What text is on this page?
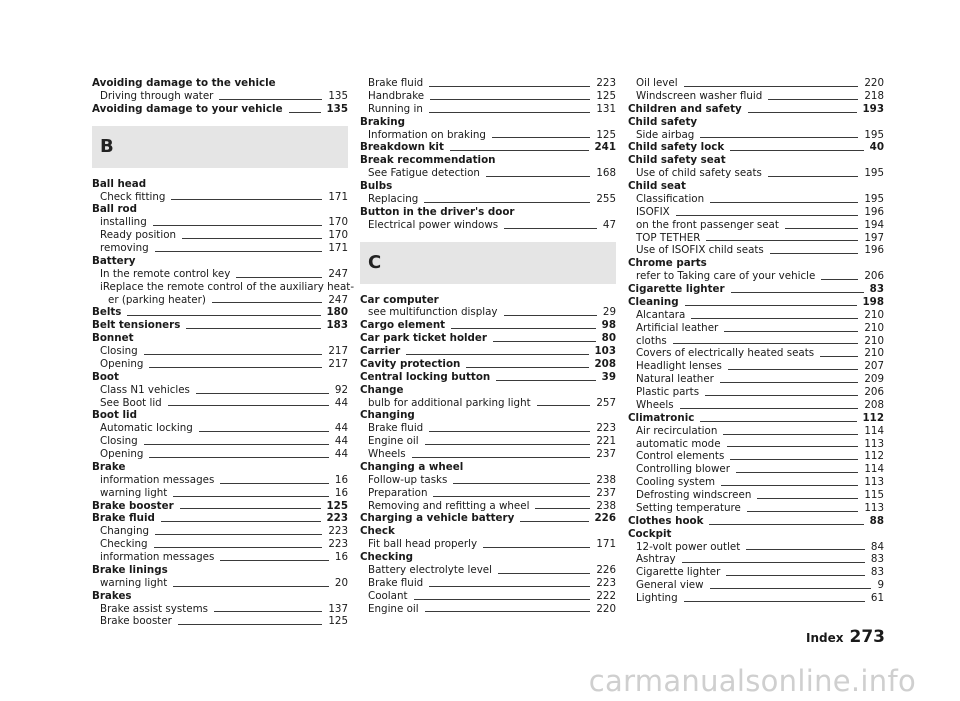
Avoiding damage to the vehicle
Driving through water	135
Avoiding damage to your vehicle	135
B
Ball head
Check fitting	171
Ball rod
installing	170
Ready position	170
removing	171
Battery
In the remote control key	247
iReplace the remote control of the auxiliary heat-
er (parking heater)	247
Belts	180
Belt tensioners	183
Bonnet
Closing	217
Opening	217
Boot
Class N1 vehicles	92
See Boot lid	44
Boot lid
Automatic locking	44
Closing	44
Opening	44
Brake
information messages	16
warning light	16
Brake booster	125
Brake fluid	223
Changing	223
Checking	223
information messages	16
Brake linings
warning light	20
Brakes
Brake assist systems	137
Brake booster	125
Brake fluid	223
Handbrake	125
Running in	131
Braking
Information on braking	125
Breakdown kit	241
Break recommendation
See Fatigue detection	168
Bulbs
Replacing	255
Button in the driver's door
Electrical power windows	47
C
Car computer
see multifunction display	29
Cargo element	98
Car park ticket holder	80
Carrier	103
Cavity protection	208
Central locking button	39
Change
bulb for additional parking light	257
Changing
Brake fluid	223
Engine oil	221
Wheels	237
Changing a wheel
Follow-up tasks	238
Preparation	237
Removing and refitting a wheel	238
Charging a vehicle battery	226
Check
Fit ball head properly	171
Checking
Battery electrolyte level	226
Brake fluid	223
Coolant	222
Engine oil	220
Oil level	220
Windscreen washer fluid	218
Children and safety	193
Child safety
Side airbag	195
Child safety lock	40
Child safety seat
Use of child safety seats	195
Child seat
Classification	195
ISOFIX	196
on the front passenger seat	194
TOP TETHER	197
Use of ISOFIX child seats	196
Chrome parts
refer to Taking care of your vehicle	206
Cigarette lighter	83
Cleaning	198
Alcantara	210
Artificial leather	210
cloths	210
Covers of electrically heated seats	210
Headlight lenses	207
Natural leather	209
Plastic parts	206
Wheels	208
Climatronic	112
Air recirculation	114
automatic mode	113
Control elements	112
Controlling blower	114
Cooling system	113
Defrosting windscreen	115
Setting temperature	113
Clothes hook	88
Cockpit
12-volt power outlet	84
Ashtray	83
Cigarette lighter	83
General view	9
Lighting	61
Index 273
carmanualsonline.info
